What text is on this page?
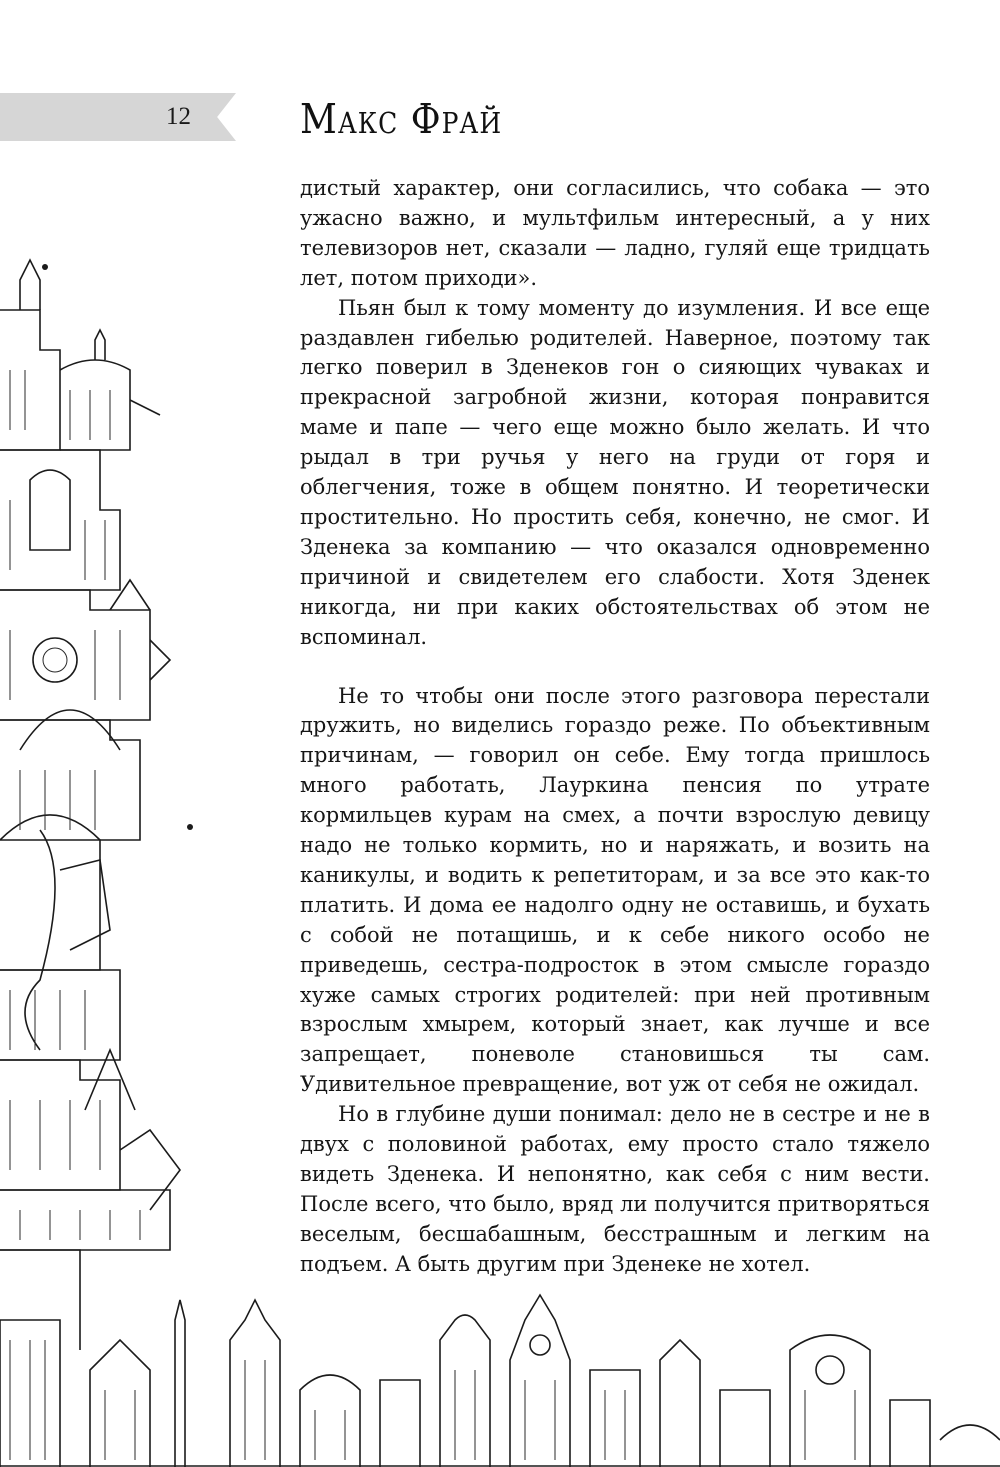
12	Макс Фрай

дистый характер, они согласились, что собака — это ужасно важно, и мультфильм интересный, а у них телевизоров нет, сказали — ладно, гуляй еще тридцать лет, потом приходи».

Пьян был к тому моменту до изумления. И все еще раздавлен гибелью родителей. Наверное, поэтому так легко поверил в Зденеков гон о сияющих чуваках и прекрасной загробной жизни, которая понравится маме и папе — чего еще можно было желать. И что рыдал в три ручья у него на груди от горя и облегчения, тоже в общем понятно. И теоретически простительно. Но простить себя, конечно, не смог. И Зденека за компанию — что оказался одновременно причиной и свидетелем его слабости. Хотя Зденек никогда, ни при каких обстоятельствах об этом не вспоминал.

Не то чтобы они после этого разговора перестали дружить, но виделись гораздо реже. По объективным причинам, — говорил он себе. Ему тогда пришлось много работать, Лауркина пенсия по утрате кормильцев курам на смех, а почти взрослую девицу надо не только кормить, но и наряжать, и возить на каникулы, и водить к репетиторам, и за все это как-то платить. И дома ее надолго одну не оставишь, и бухать с собой не потащишь, и к себе никого особо не приведешь, сестра-подросток в этом смысле гораздо хуже самых строгих родителей: при ней противным взрослым хмырем, который знает, как лучше и все запрещает, поневоле становишься ты сам. Удивительное превращение, вот уж от себя не ожидал.

Но в глубине души понимал: дело не в сестре и не в двух с половиной работах, ему просто стало тяжело видеть Зденека. И непонятно, как себя с ним вести. После всего, что было, вряд ли получится притворяться веселым, бесшабашным, бесстрашным и легким на подъем. А быть другим при Зденеке не хотел.
